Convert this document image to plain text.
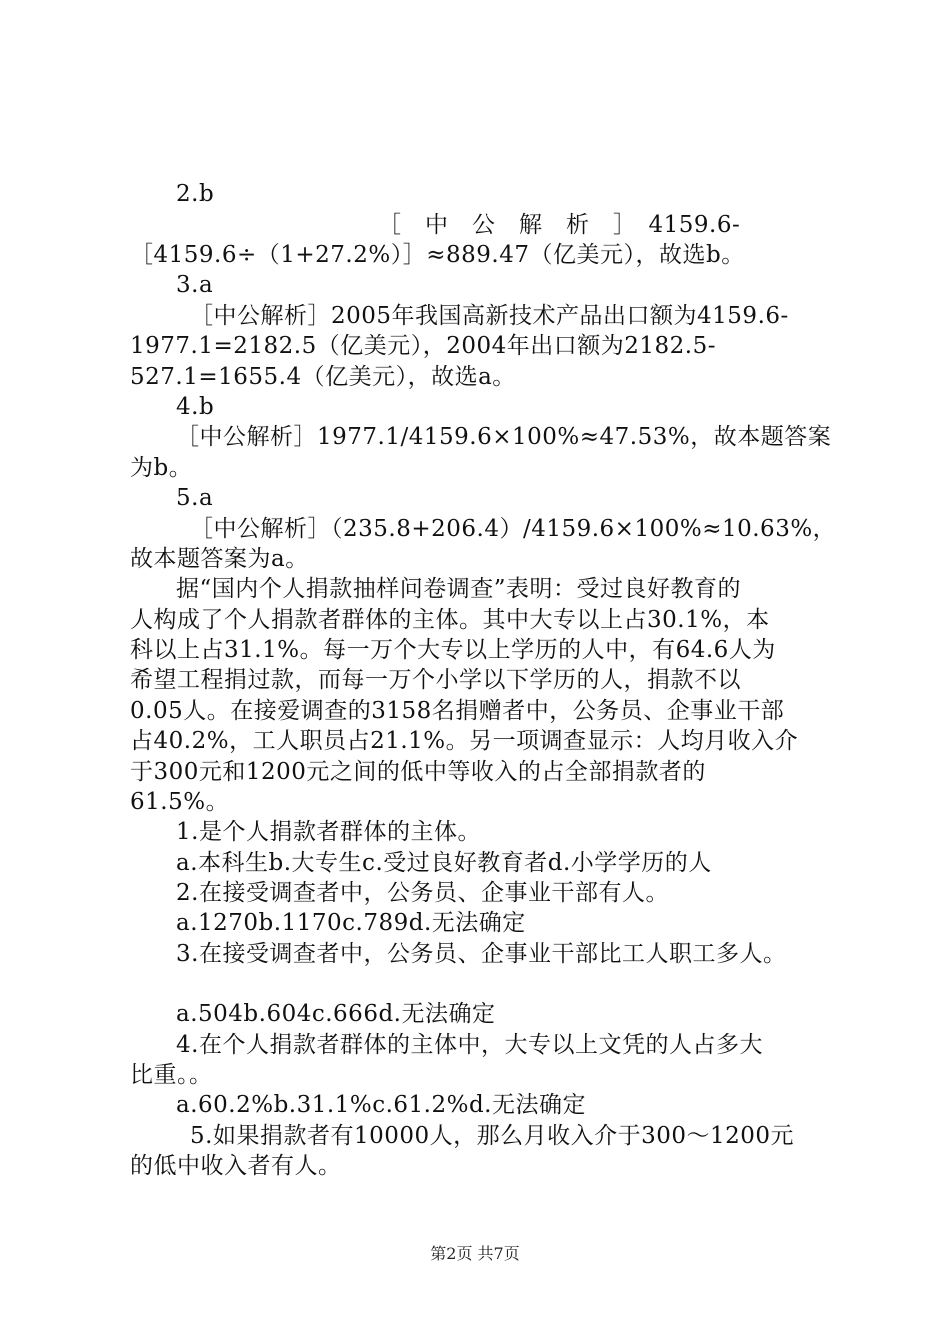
2.b
［　中　公　解　析　］　4159.6-
［4159.6÷（1+27.2%）］≈889.47（亿美元），故选b。
3.a
［中公解析］2005年我国高新技术产品出口额为4159.6-
1977.1=2182.5（亿美元），2004年出口额为2182.5-
527.1=1655.4（亿美元），故选a。
4.b
［中公解析］1977.1/4159.6×100%≈47.53%，故本题答案
为b。
5.a
［中公解析］（235.8+206.4）/4159.6×100%≈10.63%，
故本题答案为a。
据“国内个人捐款抽样问卷调查”表明：受过良好教育的
人构成了个人捐款者群体的主体。其中大专以上占30.1%，本
科以上占31.1%。每一万个大专以上学历的人中，有64.6人为
希望工程捐过款，而每一万个小学以下学历的人，捐款不以
0.05人。在接爱调查的3158名捐赠者中，公务员、企事业干部
占40.2%，工人职员占21.1%。另一项调查显示：人均月收入介
于300元和1200元之间的低中等收入的占全部捐款者的
61.5%。
1.是个人捐款者群体的主体。
a.本科生b.大专生c.受过良好教育者d.小学学历的人
2.在接受调查者中，公务员、企事业干部有人。
a.1270b.1170c.789d.无法确定
3.在接受调查者中，公务员、企事业干部比工人职工多人。
a.504b.604c.666d.无法确定
4.在个人捐款者群体的主体中，大专以上文凭的人占多大
比重。。
a.60.2%b.31.1%c.61.2%d.无法确定
5.如果捐款者有10000人，那么月收入介于300～1200元
的低中收入者有人。
第2页 共7页
